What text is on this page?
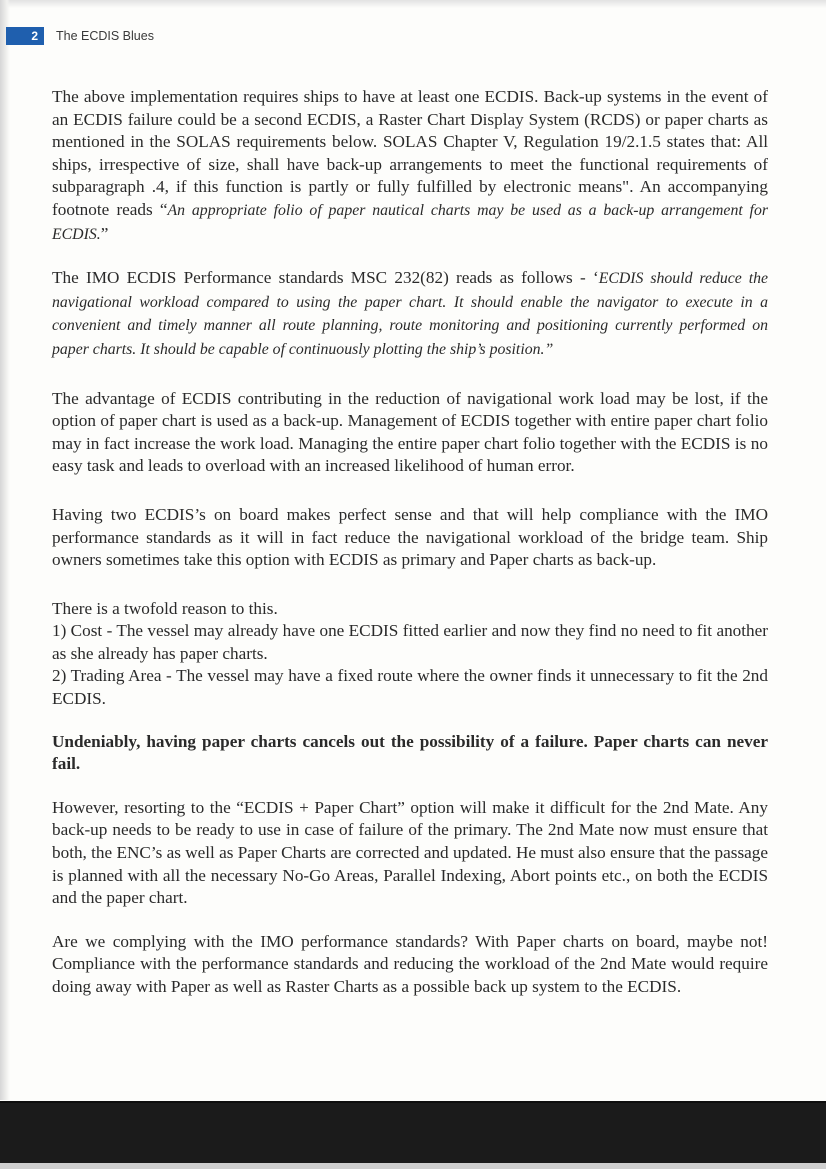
2	The ECDIS Blues

The above implementation requires ships to have at least one ECDIS. Back-up systems in the event of an ECDIS failure could be a second ECDIS, a Raster Chart Display System (RCDS) or paper charts as mentioned in the SOLAS requirements below. SOLAS Chapter V, Regulation 19/2.1.5 states that: All ships, irrespective of size, shall have back-up arrangements to meet the functional requirements of subparagraph .4, if this function is partly or fully fulfilled by electronic means". An accompanying footnote reads “An appropriate folio of paper nautical charts may be used as a back-up arrangement for ECDIS.”

The IMO ECDIS Performance standards MSC 232(82) reads as follows - ‘ECDIS should reduce the navigational workload compared to using the paper chart. It should enable the navigator to execute in a convenient and timely manner all route planning, route monitoring and positioning currently performed on paper charts. It should be capable of continuously plotting the ship’s position.”

The advantage of ECDIS contributing in the reduction of navigational work load may be lost, if the option of paper chart is used as a back-up. Management of ECDIS together with entire paper chart folio may in fact increase the work load. Managing the entire paper chart folio together with the ECDIS is no easy task and leads to overload with an increased likelihood of human error.

Having two ECDIS’s on board makes perfect sense and that will help compliance with the IMO performance standards as it will in fact reduce the navigational workload of the bridge team. Ship owners sometimes take this option with ECDIS as primary and Paper charts as back-up.

There is a twofold reason to this.

1) Cost - The vessel may already have one ECDIS fitted earlier and now they find no need to fit another as she already has paper charts.

2) Trading Area - The vessel may have a fixed route where the owner finds it unnecessary to fit the 2nd ECDIS.

Undeniably, having paper charts cancels out the possibility of a failure. Paper charts can never fail.

However, resorting to the “ECDIS + Paper Chart” option will make it difficult for the 2nd Mate. Any back-up needs to be ready to use in case of failure of the primary. The 2nd Mate now must ensure that both, the ENC’s as well as Paper Charts are corrected and updated. He must also ensure that the passage is planned with all the necessary No-Go Areas, Parallel Indexing, Abort points etc., on both the ECDIS and the paper chart.

Are we complying with the IMO performance standards? With Paper charts on board, maybe not! Compliance with the performance standards and reducing the workload of the 2nd Mate would require doing away with Paper as well as Raster Charts as a possible back up system to the ECDIS.
